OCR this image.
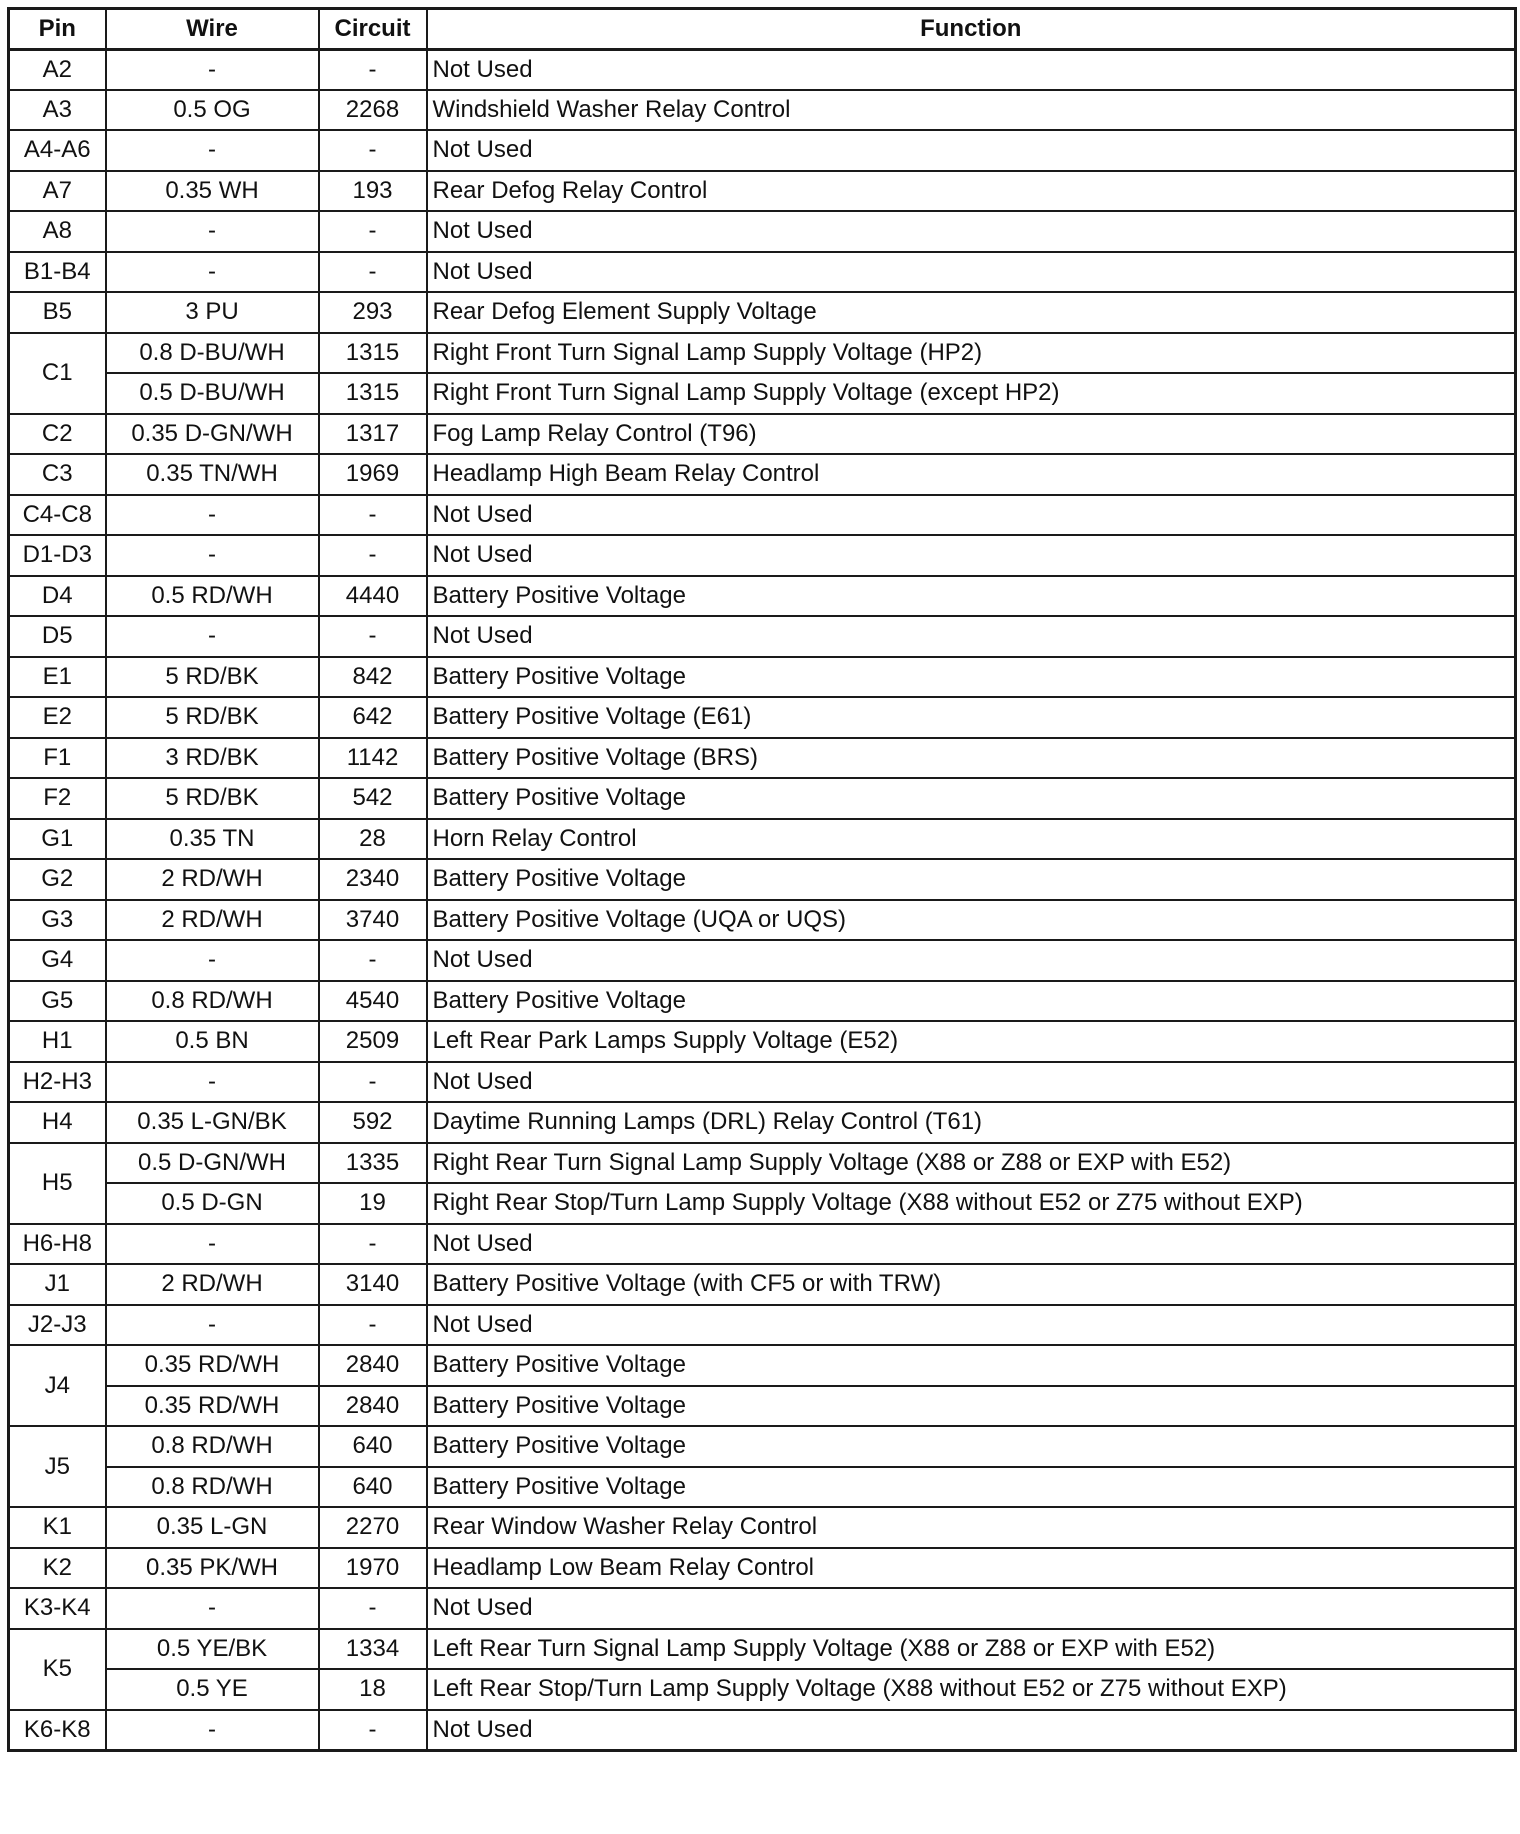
Pin	Wire	Circuit	Function
A2	-	-	Not Used
A3	0.5 OG	2268	Windshield Washer Relay Control
A4-A6	-	-	Not Used
A7	0.35 WH	193	Rear Defog Relay Control
A8	-	-	Not Used
B1-B4	-	-	Not Used
B5	3 PU	293	Rear Defog Element Supply Voltage
C1	0.8 D-BU/WH	1315	Right Front Turn Signal Lamp Supply Voltage (HP2)
	0.5 D-BU/WH	1315	Right Front Turn Signal Lamp Supply Voltage (except HP2)
C2	0.35 D-GN/WH	1317	Fog Lamp Relay Control (T96)
C3	0.35 TN/WH	1969	Headlamp High Beam Relay Control
C4-C8	-	-	Not Used
D1-D3	-	-	Not Used
D4	0.5 RD/WH	4440	Battery Positive Voltage
D5	-	-	Not Used
E1	5 RD/BK	842	Battery Positive Voltage
E2	5 RD/BK	642	Battery Positive Voltage (E61)
F1	3 RD/BK	1142	Battery Positive Voltage (BRS)
F2	5 RD/BK	542	Battery Positive Voltage
G1	0.35 TN	28	Horn Relay Control
G2	2 RD/WH	2340	Battery Positive Voltage
G3	2 RD/WH	3740	Battery Positive Voltage (UQA or UQS)
G4	-	-	Not Used
G5	0.8 RD/WH	4540	Battery Positive Voltage
H1	0.5 BN	2509	Left Rear Park Lamps Supply Voltage (E52)
H2-H3	-	-	Not Used
H4	0.35 L-GN/BK	592	Daytime Running Lamps (DRL) Relay Control (T61)
H5	0.5 D-GN/WH	1335	Right Rear Turn Signal Lamp Supply Voltage (X88 or Z88 or EXP with E52)
	0.5 D-GN	19	Right Rear Stop/Turn Lamp Supply Voltage (X88 without E52 or Z75 without EXP)
H6-H8	-	-	Not Used
J1	2 RD/WH	3140	Battery Positive Voltage (with CF5 or with TRW)
J2-J3	-	-	Not Used
J4	0.35 RD/WH	2840	Battery Positive Voltage
	0.35 RD/WH	2840	Battery Positive Voltage
J5	0.8 RD/WH	640	Battery Positive Voltage
	0.8 RD/WH	640	Battery Positive Voltage
K1	0.35 L-GN	2270	Rear Window Washer Relay Control
K2	0.35 PK/WH	1970	Headlamp Low Beam Relay Control
K3-K4	-	-	Not Used
K5	0.5 YE/BK	1334	Left Rear Turn Signal Lamp Supply Voltage (X88 or Z88 or EXP with E52)
	0.5 YE	18	Left Rear Stop/Turn Lamp Supply Voltage (X88 without E52 or Z75 without EXP)
K6-K8	-	-	Not Used
